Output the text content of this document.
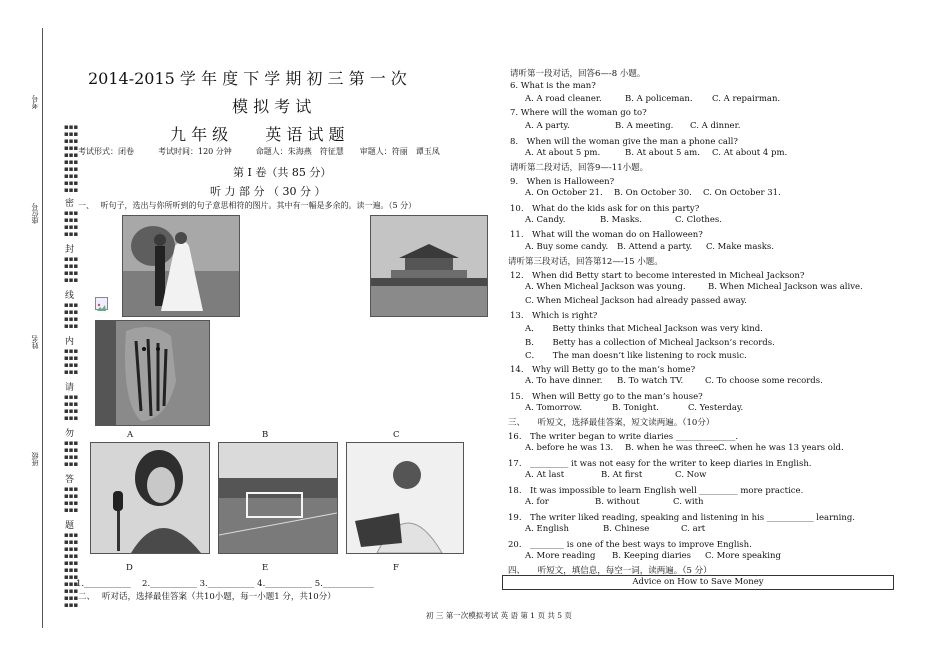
考号
座位号
姓名
班级
▪▪▪
▪▪▪
▪▪▪
▪▪▪
▪▪▪
▪▪▪
▪▪▪
▪▪▪
▪▪▪
▪▪▪
密
▪▪▪
▪▪▪
▪▪▪
▪▪▪
封
▪▪▪
▪▪▪
▪▪▪
▪▪▪
线
▪▪▪
▪▪▪
▪▪▪
▪▪▪
内
▪▪▪
▪▪▪
▪▪▪
▪▪▪
请
▪▪▪
▪▪▪
▪▪▪
▪▪▪
勿
▪▪▪
▪▪▪
▪▪▪
▪▪▪
答
▪▪▪
▪▪▪
▪▪▪
▪▪▪
题
▪▪▪
▪▪▪
▪▪▪
▪▪▪
▪▪▪
▪▪▪
▪▪▪
▪▪▪
▪▪▪
▪▪▪
▪▪▪
2014-2015 学 年 度 下 学 期 初 三 第 一 次
模 拟 考 试
九 年 级　　 英 语 试 题
考试形式：闭卷　　　考试时间：120 分钟　　　命题人：朱海燕　符征慧　　审题人：符丽　谭玉凤
第 Ⅰ 卷（共 85 分）
听 力 部 分 （ 30 分 ）
一、　 听句子，选出与你所听到的句子意思相符的图片。其中有一幅是多余的。读一遍。（5 分）
A	B	C
D	E	F
1.___________ 　2.___________ 3.___________ 4.___________ 5.____________
二、　 听对话，选择最佳答案（共10小题，每一小题1 分，共10分）
请听第一段对话，回答6—-8 小题。
6. What is the man?
A. A road cleaner.	B. A policeman. C. A repairman.
7. Where will the woman go to?
A. A party.	B. A meeting. C. A dinner.
8.　When will the woman give the man a phone call?
A. At about 5 pm.	B. At about 5 am. C. At about 4 pm.
请听第二段对话，回答9—-11小题。
9.　When is Halloween?
A. On October 21. B. On October 30. C. On October 31.
10.　What do the kids ask for on this party?
A. Candy.	B. Masks.	C. Clothes.
11.　What will the woman do on Halloween?
A. Buy some candy. B. Attend a party. C. Make masks.
请听第三段对话，回答第12—-15 小题。
12.　When did Betty start to become interested in Micheal Jackson?
A. When Micheal Jackson was young.	B. When Micheal Jackson was alive.
C. When Micheal Jackson had already passed away.
13.　Which is right?
A．　　Betty thinks that Micheal Jackson was very kind.
B．　　Betty has a collection of Micheal Jackson’s records.
C．　　The man doesn’t like listening to rock music.
14.　Why will Betty go to the man’s home?
A. To have dinner. B. To watch TV.	C. To choose some records.
15.　When will Betty go to the man’s house?
A. Tomorrow.	B. Tonight.	C. Yesterday.
三、　　听短文，选择最佳答案，短文读两遍。（10分）
16.　The writer began to write diaries ______________.
A. before he was 13. B. when he was three.
C. when he was 13 years old.
17.　_________ it was not easy for the writer to keep diaries in English.
A. At last	B. At first	C. Now
18.　It was impossible to learn English well _________ more practice.
A. for	B. without	C. with
19.　The writer liked reading, speaking and listening in his ___________ learning.
A. English	B. Chinese	C. art
20.　________ is one of the best ways to improve English.
A. More reading B. Keeping diaries C. More speaking
四、　　听短文，填信息，每空一词，读两遍。（5 分）
Advice on How to Save Money
初 三 第一次模拟考试 英 语 第 1 页 共 5 页
